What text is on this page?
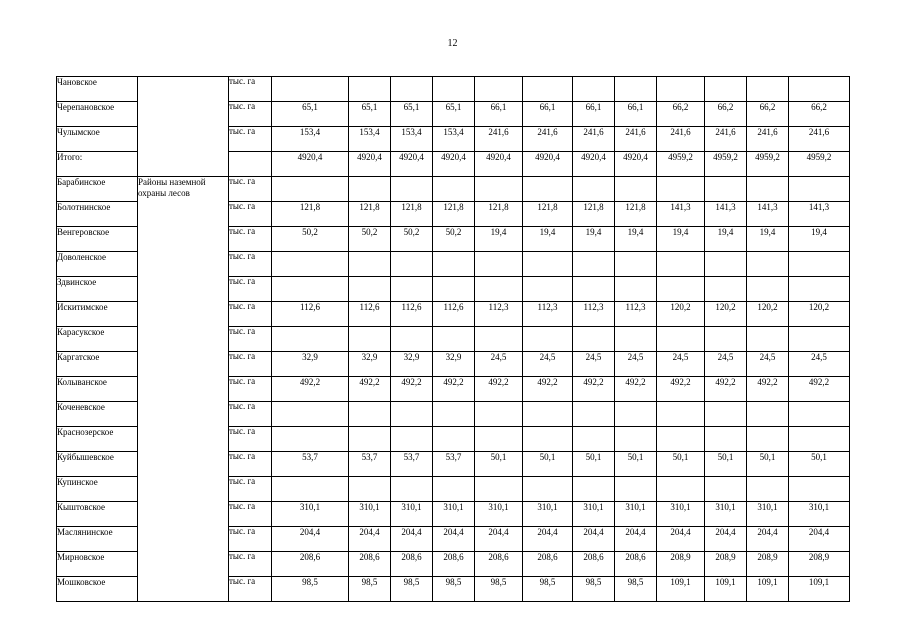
12
Чановское		тыс. га												
Черепановское		тыс. га	65,1	65,1	65,1	65,1	66,1	66,1	66,1	66,1	66,2	66,2	66,2	66,2
Чулымское		тыс. га	153,4	153,4	153,4	153,4	241,6	241,6	241,6	241,6	241,6	241,6	241,6	241,6
Итого:			4920,4	4920,4	4920,4	4920,4	4920,4	4920,4	4920,4	4920,4	4959,2	4959,2	4959,2	4959,2
Барабинское	Районы наземной охраны лесов	тыс. га												
Болотнинское		тыс. га	121,8	121,8	121,8	121,8	121,8	121,8	121,8	121,8	141,3	141,3	141,3	141,3
Венгеровское		тыс. га	50,2	50,2	50,2	50,2	19,4	19,4	19,4	19,4	19,4	19,4	19,4	19,4
Доволенское		тыс. га												
Здвинское		тыс. га												
Искитимское		тыс. га	112,6	112,6	112,6	112,6	112,3	112,3	112,3	112,3	120,2	120,2	120,2	120,2
Карасукское		тыс. га												
Каргатское		тыс. га	32,9	32,9	32,9	32,9	24,5	24,5	24,5	24,5	24,5	24,5	24,5	24,5
Колыванское		тыс. га	492,2	492,2	492,2	492,2	492,2	492,2	492,2	492,2	492,2	492,2	492,2	492,2
Коченевское		тыс. га												
Краснозерское		тыс. га												
Куйбышевское		тыс. га	53,7	53,7	53,7	53,7	50,1	50,1	50,1	50,1	50,1	50,1	50,1	50,1
Купинское		тыс. га												
Кыштовское		тыс. га	310,1	310,1	310,1	310,1	310,1	310,1	310,1	310,1	310,1	310,1	310,1	310,1
Маслянинское		тыс. га	204,4	204,4	204,4	204,4	204,4	204,4	204,4	204,4	204,4	204,4	204,4	204,4
Мирновское		тыс. га	208,6	208,6	208,6	208,6	208,6	208,6	208,6	208,6	208,9	208,9	208,9	208,9
Мошковское		тыс. га	98,5	98,5	98,5	98,5	98,5	98,5	98,5	98,5	109,1	109,1	109,1	109,1
